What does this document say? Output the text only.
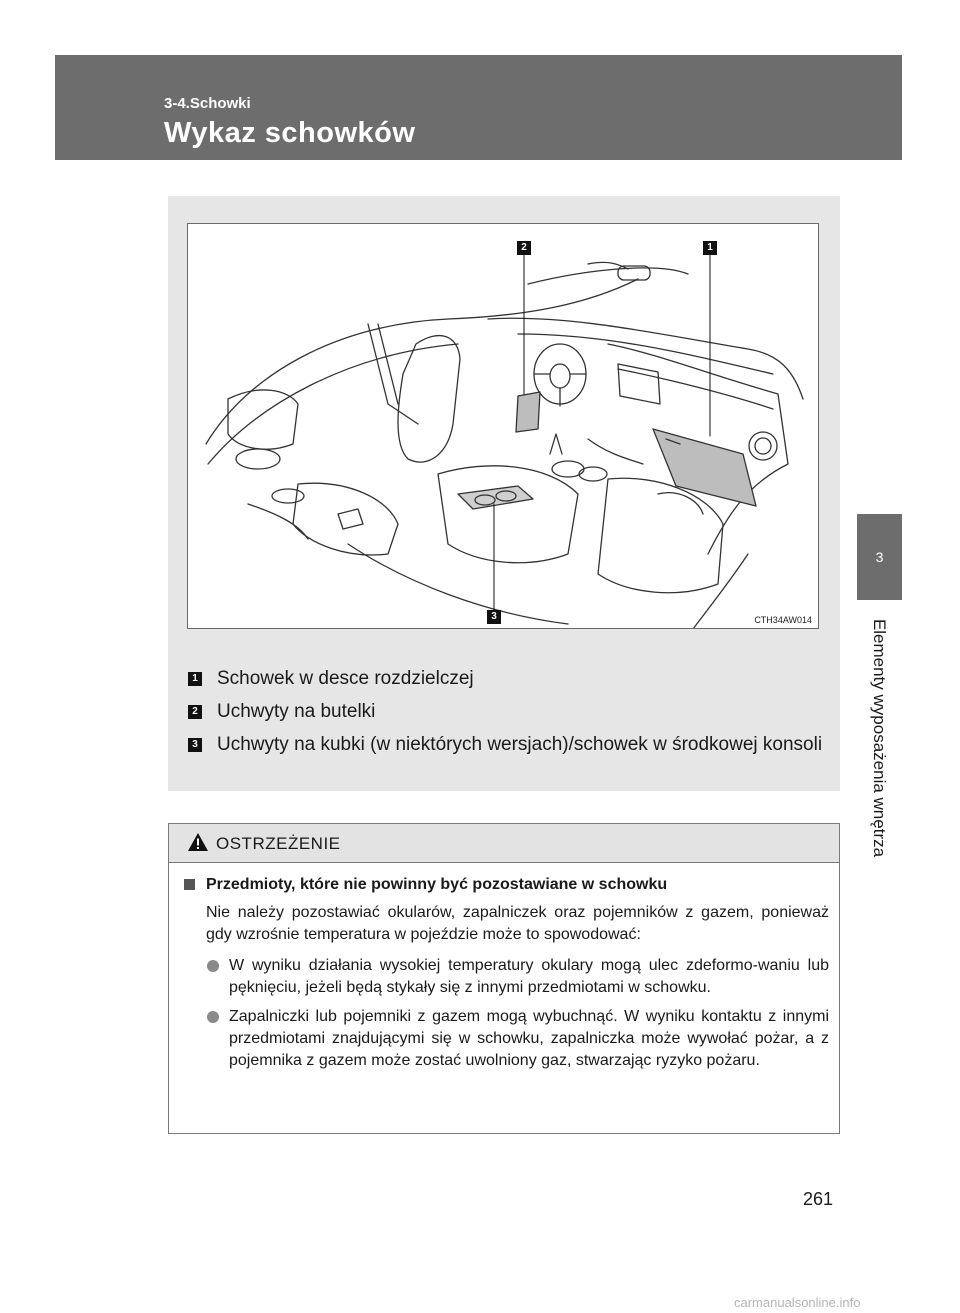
3-4.Schowki
Wykaz schowków
3
Elementy wyposażenia wnętrza
2	1
3	CTH34AW014
1 Schowek w desce rozdzielczej
2 Uchwyty na butelki
3 Uchwyty na kubki (w niektórych wersjach)/schowek w środkowej konsoli
OSTRZEŻENIE
Przedmioty, które nie powinny być pozostawiane w schowku
Nie należy pozostawiać okularów, zapalniczek oraz pojemników z gazem, ponieważ gdy wzrośnie temperatura w pojeździe może to spowodować:
W wyniku działania wysokiej temperatury okulary mogą ulec zdeformo-waniu lub pęknięciu, jeżeli będą stykały się z innymi przedmiotami w schowku.
Zapalniczki lub pojemniki z gazem mogą wybuchnąć. W wyniku kontaktu z innymi przedmiotami znajdującymi się w schowku, zapalniczka może wywołać pożar, a z pojemnika z gazem może zostać uwolniony gaz, stwarzając ryzyko pożaru.
261
carmanualsonline.info
